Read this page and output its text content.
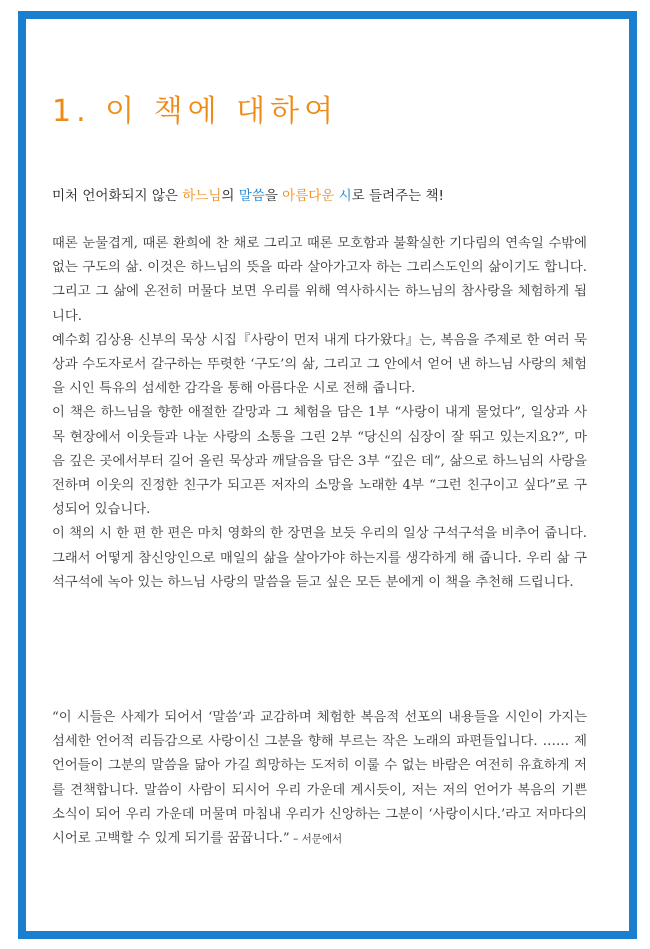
1. 이 책에 대하여
미처 언어화되지 않은 하느님의 말씀을 아름다운 시로 들려주는 책!

때론 눈물겹게, 때론 환희에 찬 채로 그리고 때론 모호함과 불확실한 기다림의 연속일 수밖에 없는 구도의 삶. 이것은 하느님의 뜻을 따라 살아가고자 하는 그리스도인의 삶이기도 합니다. 그리고 그 삶에 온전히 머물다 보면 우리를 위해 역사하시는 하느님의 참사랑을 체험하게 됩니다.

예수회 김상용 신부의 묵상 시집『사랑이 먼저 내게 다가왔다』는, 복음을 주제로 한 여러 묵상과 수도자로서 갈구하는 뚜렷한 ‘구도’의 삶, 그리고 그 안에서 얻어 낸 하느님 사랑의 체험을 시인 특유의 섬세한 감각을 통해 아름다운 시로 전해 줍니다.

이 책은 하느님을 향한 애절한 갈망과 그 체험을 담은 1부 “사랑이 내게 물었다”, 일상과 사목 현장에서 이웃들과 나눈 사랑의 소통을 그린 2부 “당신의 심장이 잘 뛰고 있는지요?”, 마음 깊은 곳에서부터 길어 올린 묵상과 깨달음을 담은 3부 “깊은 데”, 삶으로 하느님의 사랑을 전하며 이웃의 진정한 친구가 되고픈 저자의 소망을 노래한 4부 “그런 친구이고 싶다”로 구성되어 있습니다.

이 책의 시 한 편 한 편은 마치 영화의 한 장면을 보듯 우리의 일상 구석구석을 비추어 줍니다. 그래서 어떻게 참신앙인으로 매일의 삶을 살아가야 하는지를 생각하게 해 줍니다. 우리 삶 구석구석에 녹아 있는 하느님 사랑의 말씀을 듣고 싶은 모든 분에게 이 책을 추천해 드립니다.

“이 시들은 사제가 되어서 ‘말씀’과 교감하며 체험한 복음적 선포의 내용들을 시인이 가지는 섬세한 언어적 리듬감으로 사랑이신 그분을 향해 부르는 작은 노래의 파편들입니다. …… 제 언어들이 그분의 말씀을 닮아 가길 희망하는 도저히 이룰 수 없는 바람은 여전히 유효하게 저를 견책합니다. 말씀이 사람이 되시어 우리 가운데 계시듯이, 저는 저의 언어가 복음의 기쁜 소식이 되어 우리 가운데 머물며 마침내 우리가 신앙하는 그분이 ‘사랑이시다.’라고 저마다의 시어로 고백할 수 있게 되기를 꿈꿉니다.” – 서문에서
